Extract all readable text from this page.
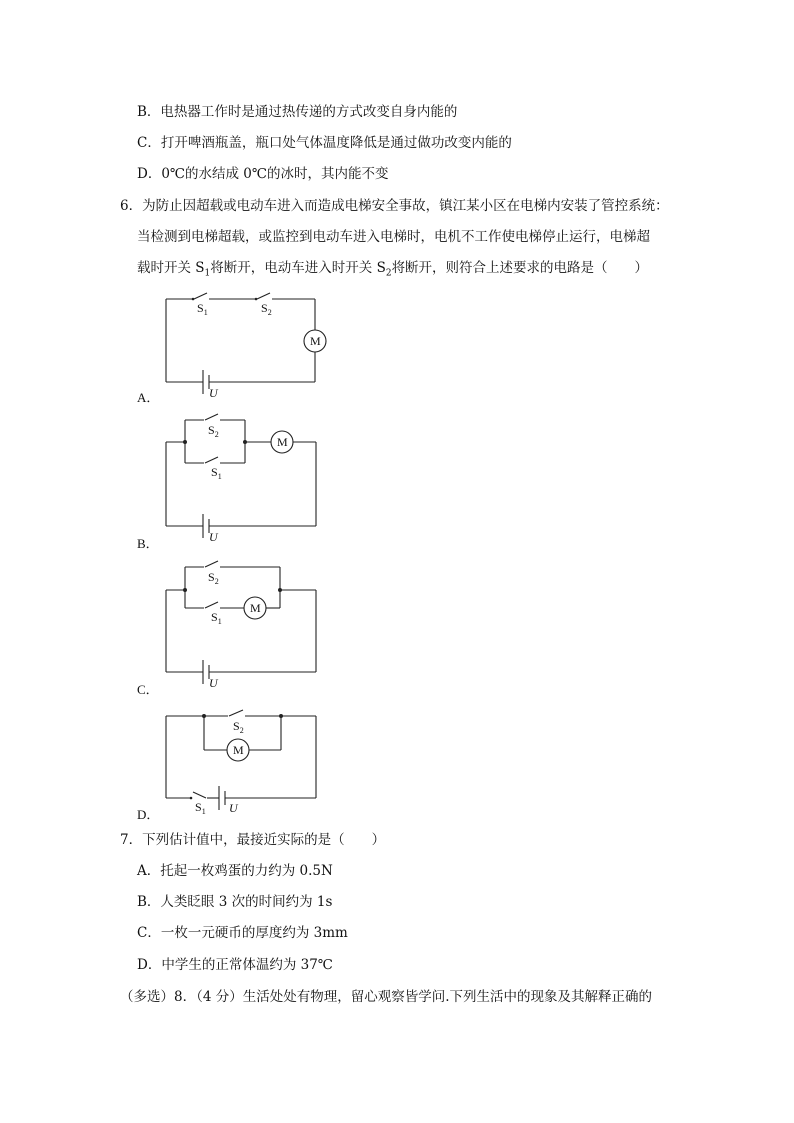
B．电热器工作时是通过热传递的方式改变自身内能的
C．打开啤酒瓶盖，瓶口处气体温度降低是通过做功改变内能的
D．0℃的水结成 0℃的冰时，其内能不变
6．为防止因超载或电动车进入而造成电梯安全事故，镇江某小区在电梯内安装了管控系统：
当检测到电梯超载，或监控到电动车进入电梯时，电机不工作使电梯停止运行，电梯超
载时开关 $S_1$将断开，电动车进入时开关 $S_2$将断开，则符合上述要求的电路是（　　）
A．
B．
C．
D．
$S_1$	$S_2$
M
U
$S_2$
$S_1$
M
U
$S_2$
$S_1$
M
U
$S_2$
M
$S_1$ U
7．下列估计值中，最接近实际的是（　　）
A．托起一枚鸡蛋的力约为 0.5N
B．人类眨眼 3 次的时间约为 1s
C．一枚一元硬币的厚度约为 3mm
D．中学生的正常体温约为 37℃
（多选）8．（4 分）生活处处有物理，留心观察皆学问.下列生活中的现象及其解释正确的
